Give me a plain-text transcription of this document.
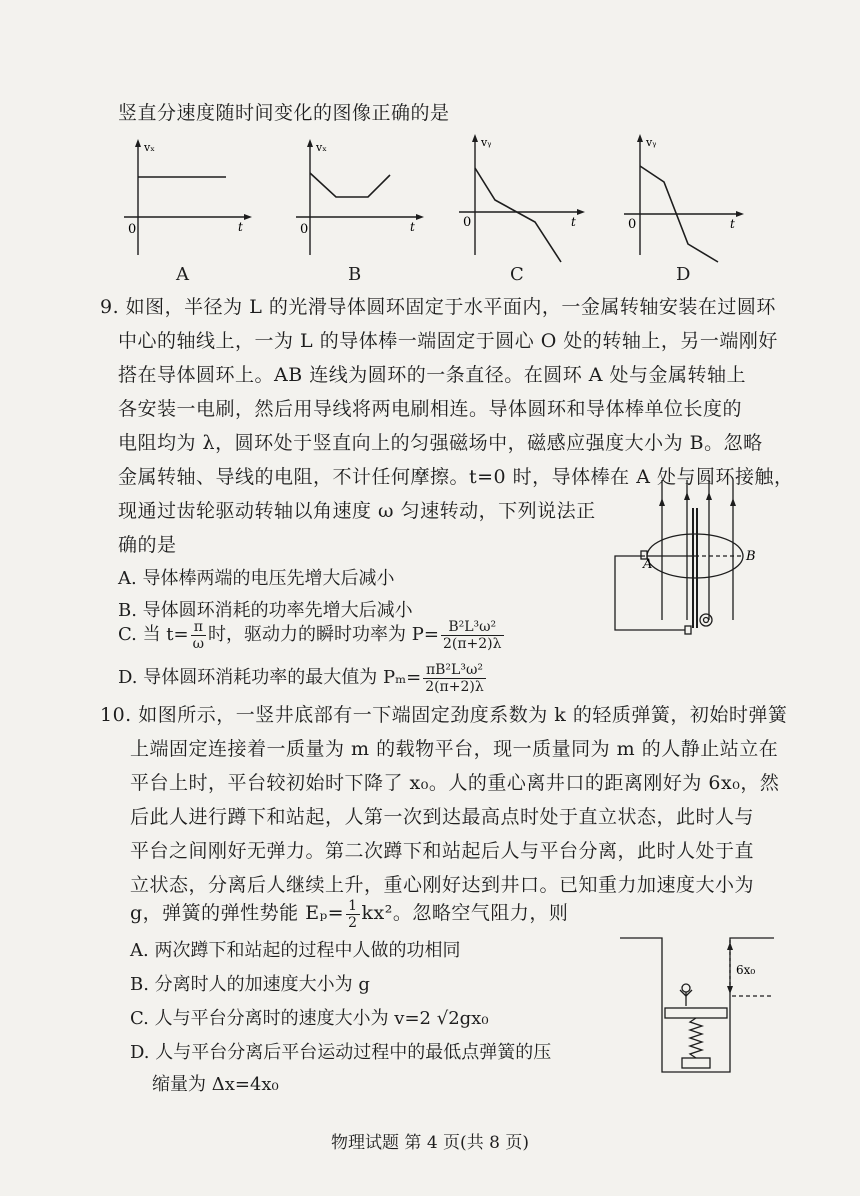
竖直分速度随时间变化的图像正确的是
vₓ
0	t
A
vₓ
0	t
B
vᵧ
0	t
C
vᵧ
0	t
D
9. 如图，半径为 L 的光滑导体圆环固定于水平面内，一金属转轴安装在过圆环
中心的轴线上，一为 L 的导体棒一端固定于圆心 O 处的转轴上，另一端刚好
搭在导体圆环上。AB 连线为圆环的一条直径。在圆环 A 处与金属转轴上
各安装一电刷，然后用导线将两电刷相连。导体圆环和导体棒单位长度的
电阻均为 λ，圆环处于竖直向上的匀强磁场中，磁感应强度大小为 B。忽略
金属转轴、导线的电阻，不计任何摩擦。t=0 时，导体棒在 A 处与圆环接触，
现通过齿轮驱动转轴以角速度 ω 匀速转动，下列说法正
确的是
A. 导体棒两端的电压先增大后减小
B. 导体圆环消耗的功率先增大后减小
C. 当 $t= \frac{\pi}{\omega}$ 时，驱动力的瞬时功率为 $P= \frac{\text{B²L³ω²}}{2(\pi+2)\lambda}$
D. 导体圆环消耗功率的最大值为 $P_m= \frac{\text{πB²L³ω²}}{2(\pi+2)\lambda}$
A
B
10. 如图所示，一竖井底部有一下端固定劲度系数为 k 的轻质弹簧，初始时弹簧
上端固定连接着一质量为 m 的载物平台，现一质量同为 m 的人静止站立在
平台上时，平台较初始时下降了 x₀。人的重心离井口的距离刚好为 6x₀，然
后此人进行蹲下和站起，人第一次到达最高点时处于直立状态，此时人与
平台之间刚好无弹力。第二次蹲下和站起后人与平台分离，此时人处于直
立状态，分离后人继续上升，重心刚好达到井口。已知重力加速度大小为
g，弹簧的弹性势能 $E_p= \frac{1}{2} kx^2$。忽略空气阻力，则
A. 两次蹲下和站起的过程中人做的功相同
B. 分离时人的加速度大小为 g
C. 人与平台分离时的速度大小为 v=2 √2gx₀
D. 人与平台分离后平台运动过程中的最低点弹簧的压
缩量为 Δx=4x₀
6x₀
物理试题 第 4 页(共 8 页)
